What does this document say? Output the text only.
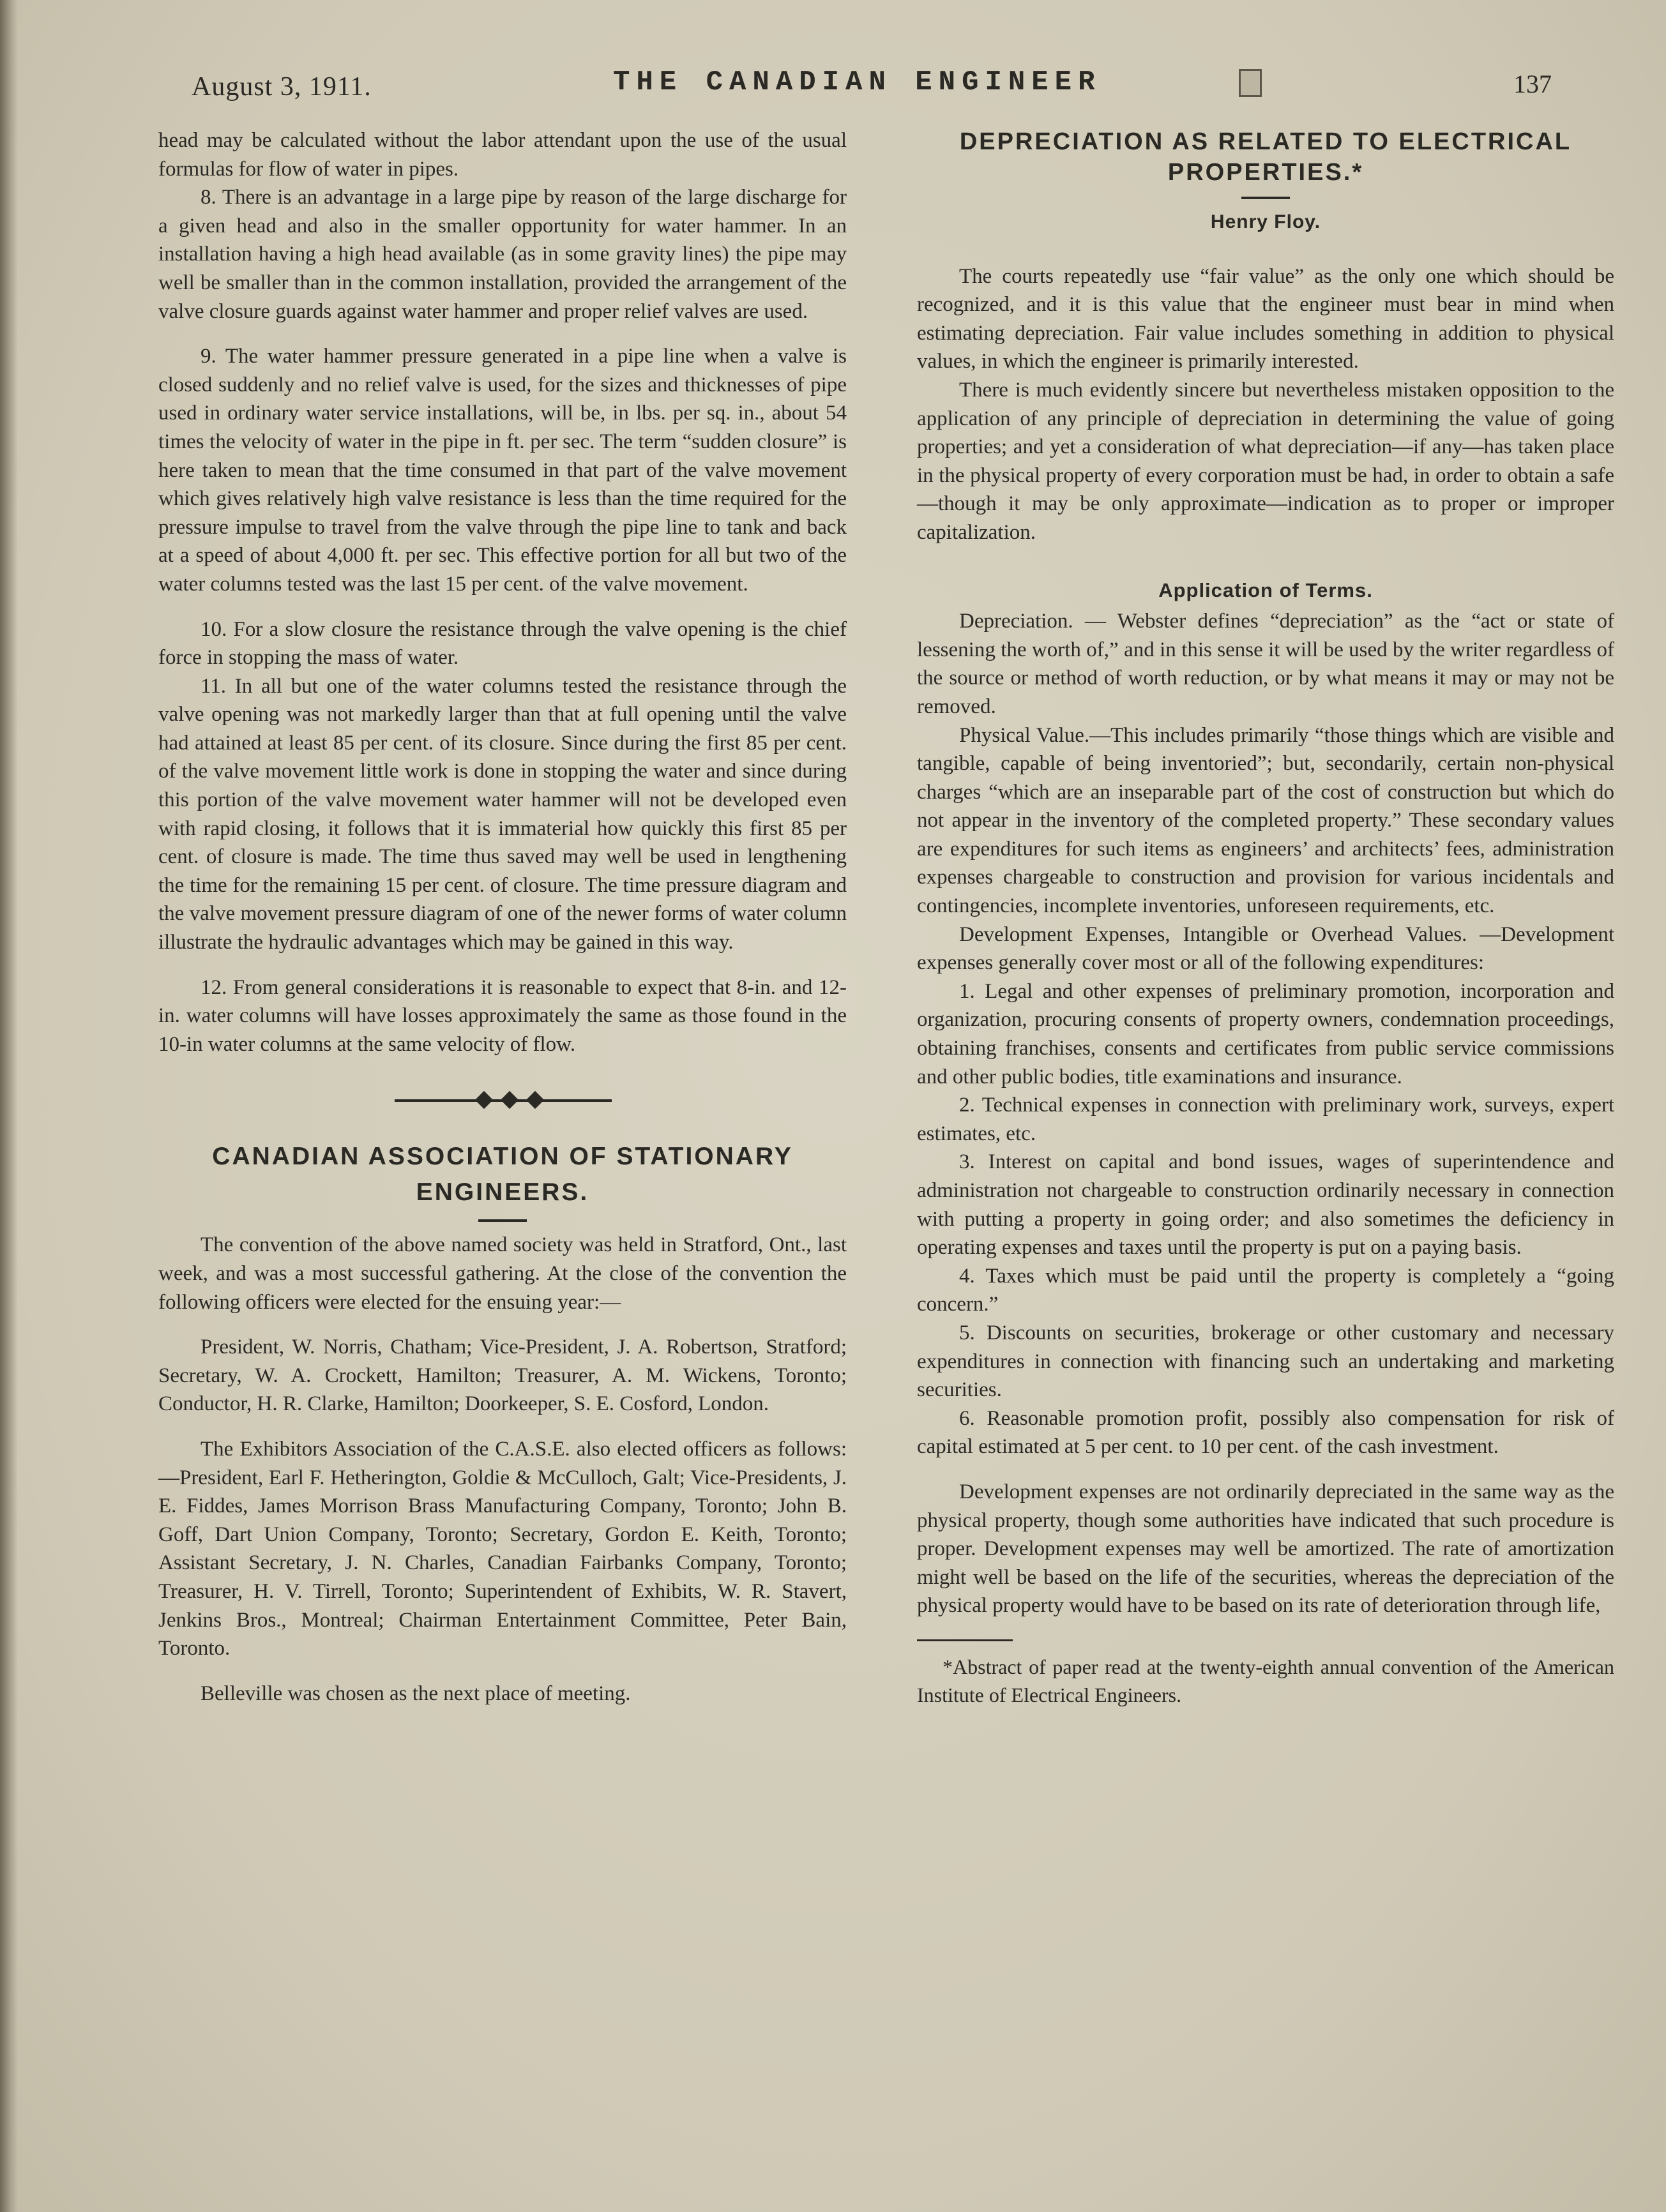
August 3, 1911.	THE CANADIAN ENGINEER	137

head may be calculated without the labor attendant upon the use of the usual formulas for flow of water in pipes.

8. There is an advantage in a large pipe by reason of the large discharge for a given head and also in the smaller opportunity for water hammer. In an installation having a high head available (as in some gravity lines) the pipe may well be smaller than in the common installation, provided the arrangement of the valve closure guards against water hammer and proper relief valves are used.

9. The water hammer pressure generated in a pipe line when a valve is closed suddenly and no relief valve is used, for the sizes and thicknesses of pipe used in ordinary water service installations, will be, in lbs. per sq. in., about 54 times the velocity of water in the pipe in ft. per sec. The term “sudden closure” is here taken to mean that the time consumed in that part of the valve movement which gives relatively high valve resistance is less than the time required for the pressure impulse to travel from the valve through the pipe line to tank and back at a speed of about 4,000 ft. per sec. This effective portion for all but two of the water columns tested was the last 15 per cent. of the valve movement.

10. For a slow closure the resistance through the valve opening is the chief force in stopping the mass of water.

11. In all but one of the water columns tested the resistance through the valve opening was not markedly larger than that at full opening until the valve had attained at least 85 per cent. of its closure. Since during the first 85 per cent. of the valve movement little work is done in stopping the water and since during this portion of the valve movement water hammer will not be developed even with rapid closing, it follows that it is immaterial how quickly this first 85 per cent. of closure is made. The time thus saved may well be used in lengthening the time for the remaining 15 per cent. of closure. The time pressure diagram and the valve movement pressure diagram of one of the newer forms of water column illustrate the hydraulic advantages which may be gained in this way.

12. From general considerations it is reasonable to expect that 8-in. and 12-in. water columns will have losses approximately the same as those found in the 10-in water columns at the same velocity of flow.

CANADIAN ASSOCIATION OF STATIONARY ENGINEERS.

The convention of the above named society was held in Stratford, Ont., last week, and was a most successful gathering. At the close of the convention the following officers were elected for the ensuing year:—

President, W. Norris, Chatham; Vice-President, J. A. Robertson, Stratford; Secretary, W. A. Crockett, Hamilton; Treasurer, A. M. Wickens, Toronto; Conductor, H. R. Clarke, Hamilton; Doorkeeper, S. E. Cosford, London.

The Exhibitors Association of the C.A.S.E. also elected officers as follows:—President, Earl F. Hetherington, Goldie & McCulloch, Galt; Vice-Presidents, J. E. Fiddes, James Morrison Brass Manufacturing Company, Toronto; John B. Goff, Dart Union Company, Toronto; Secretary, Gordon E. Keith, Toronto; Assistant Secretary, J. N. Charles, Canadian Fairbanks Company, Toronto; Treasurer, H. V. Tirrell, Toronto; Superintendent of Exhibits, W. R. Stavert, Jenkins Bros., Montreal; Chairman Entertainment Committee, Peter Bain, Toronto.

Belleville was chosen as the next place of meeting.

DEPRECIATION AS RELATED TO ELECTRICAL PROPERTIES.*
Henry Floy.

The courts repeatedly use “fair value” as the only one which should be recognized, and it is this value that the engineer must bear in mind when estimating depreciation. Fair value includes something in addition to physical values, in which the engineer is primarily interested.

There is much evidently sincere but nevertheless mistaken opposition to the application of any principle of depreciation in determining the value of going properties; and yet a consideration of what depreciation—if any—has taken place in the physical property of every corporation must be had, in order to obtain a safe—though it may be only approximate—indication as to proper or improper capitalization.

Application of Terms.

Depreciation. — Webster defines “depreciation” as the “act or state of lessening the worth of,” and in this sense it will be used by the writer regardless of the source or method of worth reduction, or by what means it may or may not be removed.

Physical Value.—This includes primarily “those things which are visible and tangible, capable of being inventoried”; but, secondarily, certain non-physical charges “which are an inseparable part of the cost of construction but which do not appear in the inventory of the completed property.” These secondary values are expenditures for such items as engineers’ and architects’ fees, administration expenses chargeable to construction and provision for various incidentals and contingencies, incomplete inventories, unforeseen requirements, etc.

Development Expenses, Intangible or Overhead Values. —Development expenses generally cover most or all of the following expenditures:

1. Legal and other expenses of preliminary promotion, incorporation and organization, procuring consents of property owners, condemnation proceedings, obtaining franchises, consents and certificates from public service commissions and other public bodies, title examinations and insurance.

2. Technical expenses in connection with preliminary work, surveys, expert estimates, etc.

3. Interest on capital and bond issues, wages of superintendence and administration not chargeable to construction ordinarily necessary in connection with putting a property in going order; and also sometimes the deficiency in operating expenses and taxes until the property is put on a paying basis.

4. Taxes which must be paid until the property is completely a “going concern.”

5. Discounts on securities, brokerage or other customary and necessary expenditures in connection with financing such an undertaking and marketing securities.

6. Reasonable promotion profit, possibly also compensation for risk of capital estimated at 5 per cent. to 10 per cent. of the cash investment.

Development expenses are not ordinarily depreciated in the same way as the physical property, though some authorities have indicated that such procedure is proper. Development expenses may well be amortized. The rate of amortization might well be based on the life of the securities, whereas the depreciation of the physical property would have to be based on its rate of deterioration through life,

*Abstract of paper read at the twenty-eighth annual convention of the American Institute of Electrical Engineers.
